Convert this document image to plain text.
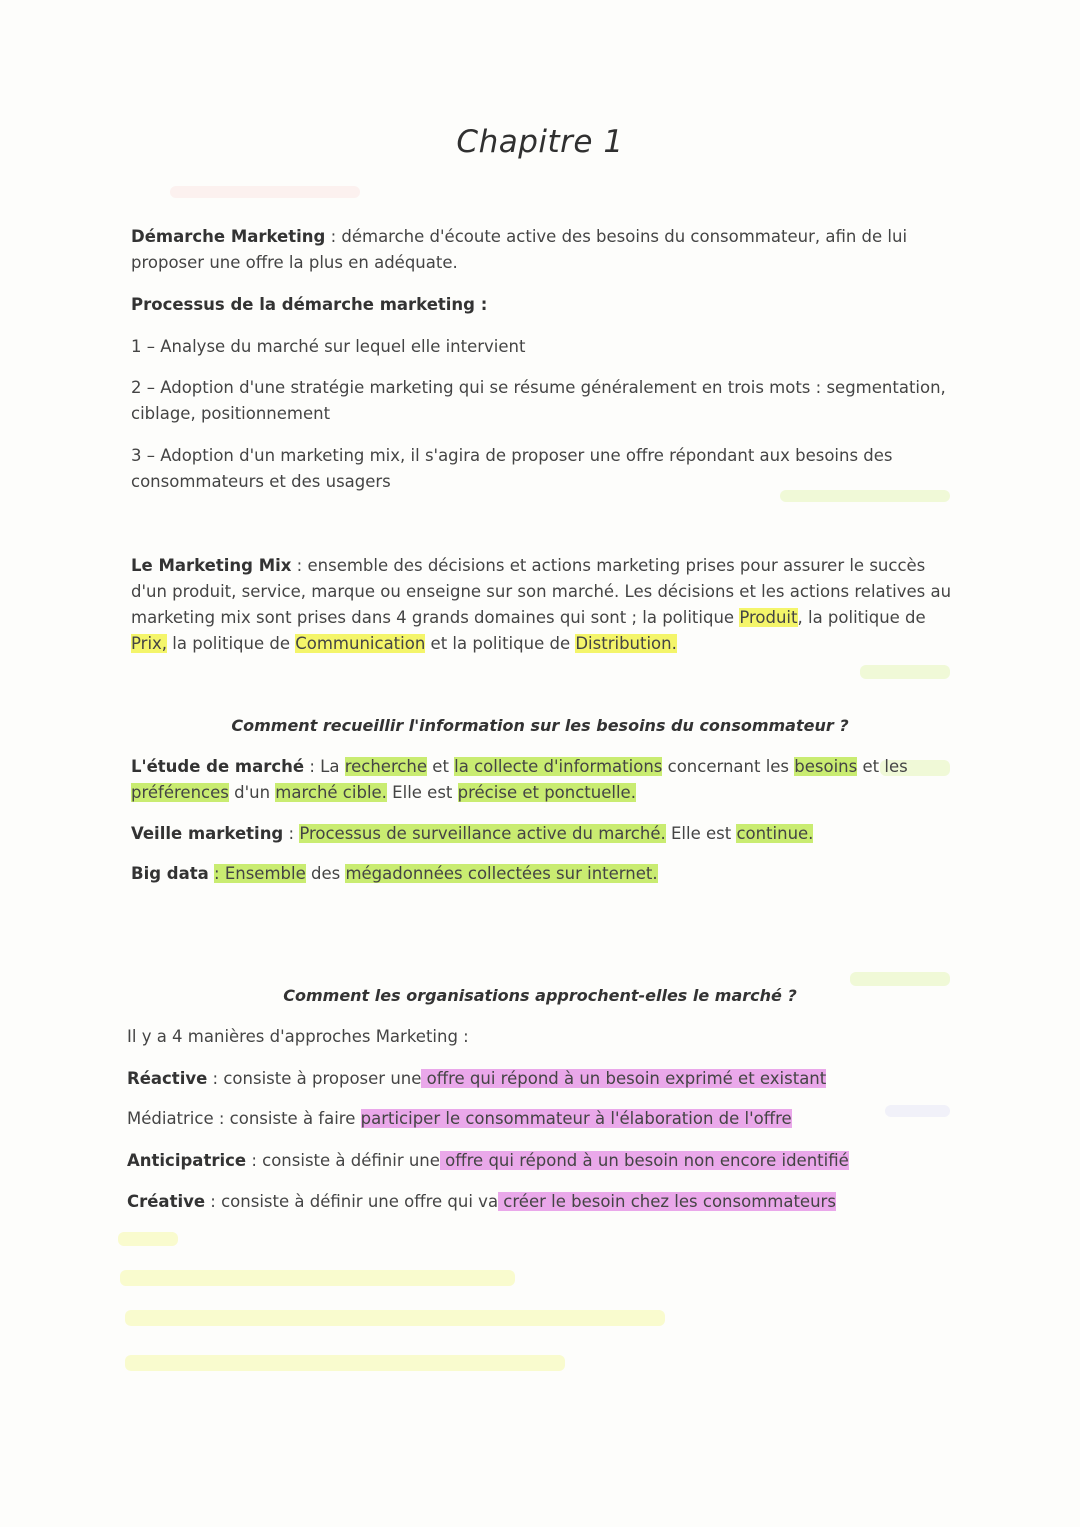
Chapitre 1
Démarche Marketing : démarche d'écoute active des besoins du consommateur, afin de lui proposer une offre la plus en adéquate.
Processus de la démarche marketing :
1 – Analyse du marché sur lequel elle intervient
2 – Adoption d'une stratégie marketing qui se résume généralement en trois mots : segmentation, ciblage, positionnement
3 – Adoption d'un marketing mix, il s'agira de proposer une offre répondant aux besoins des consommateurs et des usagers
Le Marketing Mix : ensemble des décisions et actions marketing prises pour assurer le succès d'un produit, service, marque ou enseigne sur son marché. Les décisions et les actions relatives au marketing mix sont prises dans 4 grands domaines qui sont ; la politique Produit, la politique de Prix, la politique de Communication et la politique de Distribution.
Comment recueillir l'information sur les besoins du consommateur ?
L'étude de marché : La recherche et la collecte d'informations concernant les besoins et les préférences d'un marché cible. Elle est précise et ponctuelle.
Veille marketing : Processus de surveillance active du marché. Elle est continue.
Big data : Ensemble des mégadonnées collectées sur internet.
Comment les organisations approchent-elles le marché ?
Il y a 4 manières d'approches Marketing :
Réactive : consiste à proposer une offre qui répond à un besoin exprimé et existant
Médiatrice : consiste à faire participer le consommateur à l'élaboration de l'offre
Anticipatrice : consiste à définir une offre qui répond à un besoin non encore identifié
Créative : consiste à définir une offre qui va créer le besoin chez les consommateurs
